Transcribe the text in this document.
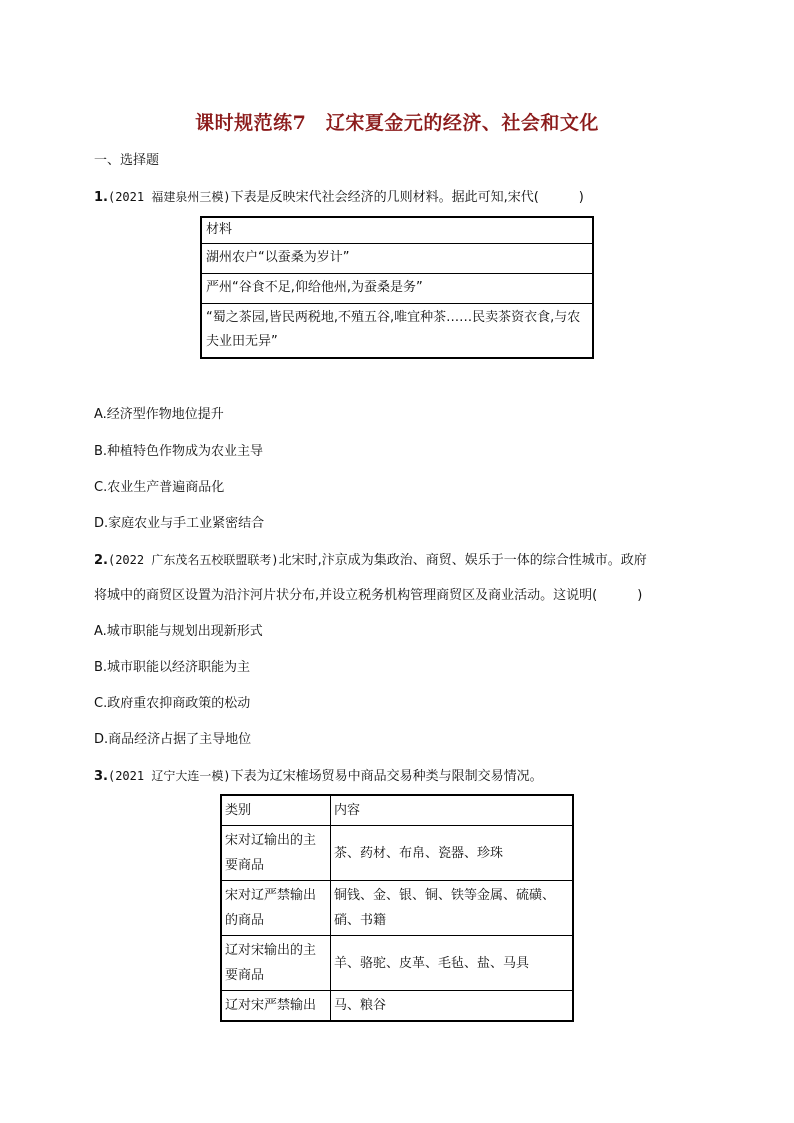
课时规范练7　辽宋夏金元的经济、社会和文化
一、选择题
1.(2021 福建泉州三模)下表是反映宋代社会经济的几则材料。据此可知,宋代(	)
材料
湖州农户“以蚕桑为岁计”
严州“谷食不足,仰给他州,为蚕桑是务”
“蜀之茶园,皆民两税地,不殖五谷,唯宜种茶……民卖茶资衣食,与农夫业田无异”
A.经济型作物地位提升
B.种植特色作物成为农业主导
C.农业生产普遍商品化
D.家庭农业与手工业紧密结合
2.(2022 广东茂名五校联盟联考)北宋时,汴京成为集政治、商贸、娱乐于一体的综合性城市。政府
将城中的商贸区设置为沿汴河片状分布,并设立税务机构管理商贸区及商业活动。这说明(	)
A.城市职能与规划出现新形式
B.城市职能以经济职能为主
C.政府重农抑商政策的松动
D.商品经济占据了主导地位
3.(2021 辽宁大连一模)下表为辽宋榷场贸易中商品交易种类与限制交易情况。
类别	内容
宋对辽输出的主要商品	茶、药材、布帛、瓷器、珍珠
宋对辽严禁输出的商品	铜钱、金、银、铜、铁等金属、硫磺、硝、书籍
辽对宋输出的主要商品	羊、骆驼、皮革、毛毡、盐、马具
辽对宋严禁输出	马、粮谷
